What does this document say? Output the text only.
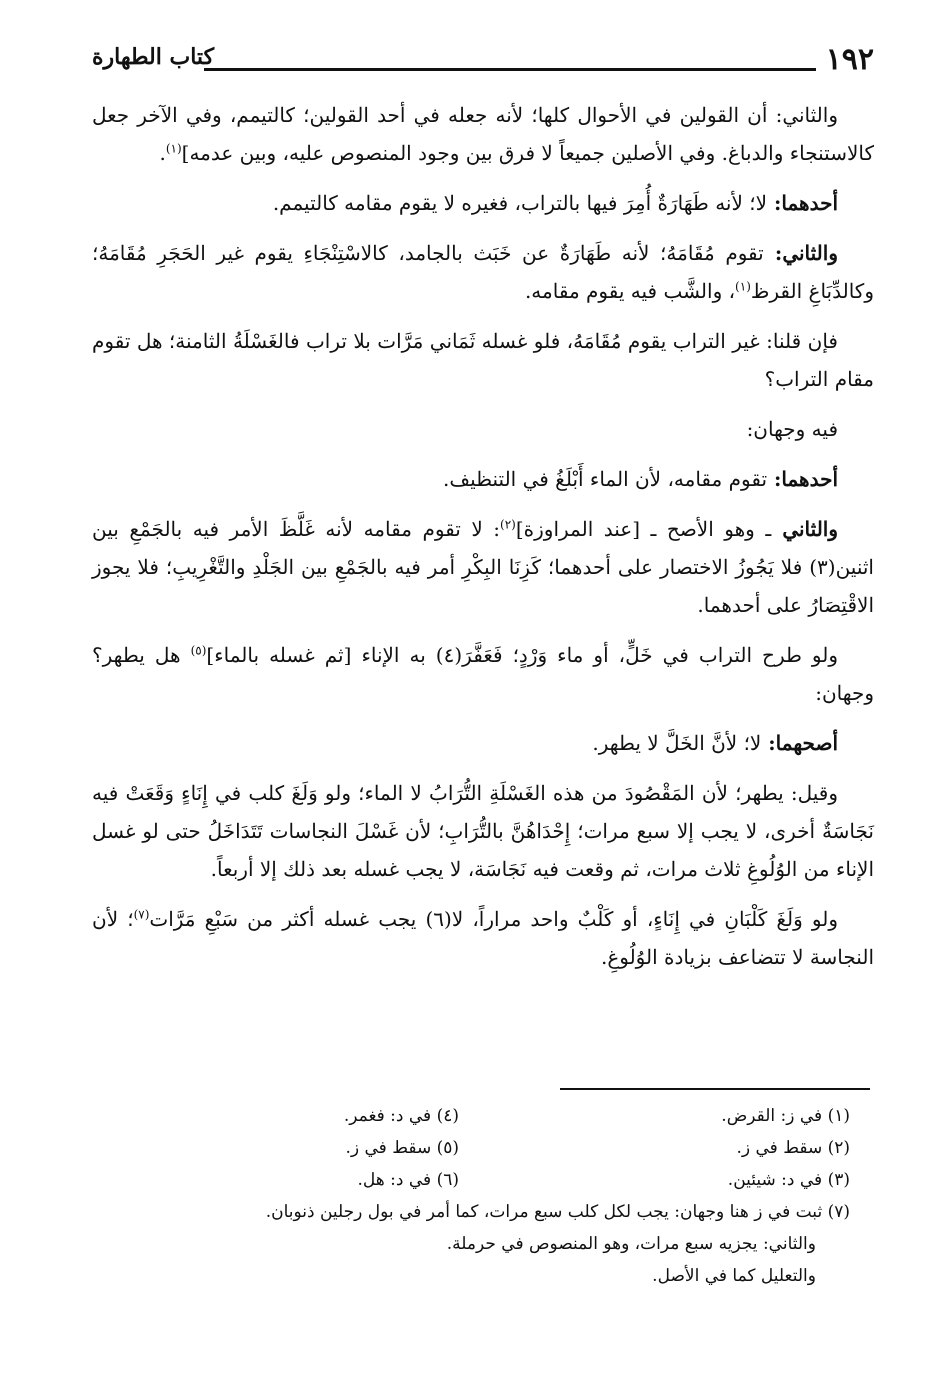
١٩٢
كتاب الطهارة

والثاني: أن القولين في الأحوال كلها؛ لأنه جعله في أحد القولين؛ كالتيمم، وفي الآخر جعل كالاستنجاء والدباغ. وفي الأصلين جميعاً لا فرق بين وجود المنصوص عليه، وبين عدمه]$^{(١)}$.

أحدهما: لا؛ لأنه طَهَارَةٌ أُمِرَ فيها بالتراب، فغيره لا يقوم مقامه كالتيمم.

والثاني: تقوم مُقَامَهُ؛ لأنه طَهَارَةٌ عن خَبَث بالجامد، كالاسْتِنْجَاءِ يقوم غير الحَجَرِ مُقَامَهُ؛ وكالدِّبَاغِ القرظ$^{(١)}$، والشَّب فيه يقوم مقامه.

فإن قلنا: غير التراب يقوم مُقَامَهُ، فلو غسله ثَمَاني مَرَّات بلا تراب فالغَسْلَةُ الثامنة؛ هل تقوم مقام التراب؟

فيه وجهان:

أحدهما: تقوم مقامه، لأن الماء أَبْلَغُ في التنظيف.

والثاني ـ وهو الأصح ـ [عند المراوزة]$^{(٢)}$: لا تقوم مقامه لأنه غَلَّظَ الأمر فيه بالجَمْعِ بين اثنين(٣) فلا يَجُوزُ الاختصار على أحدهما؛ كَزِنَا البِكْرِ أمر فيه بالجَمْعِ بين الجَلْدِ والتَّغْرِيبِ؛ فلا يجوز الاقْتِصَارُ على أحدهما.

ولو طرح التراب في خَلٍّ، أو ماء وَرْدٍ؛ فَعَفَّرَ(٤) به الإناء [ثم غسله بالماء]$^{(٥)}$ هل يطهر؟ وجهان:

أصحهما: لا؛ لأنَّ الخَلَّ لا يطهر.

وقيل: يطهر؛ لأن المَقْصُودَ من هذه الغَسْلَةِ التُّرَابُ لا الماء؛ ولو وَلَغَ كلب في إِنَاءٍ وَقَعَتْ فيه نَجَاسَةٌ أخرى، لا يجب إلا سبع مرات؛ إِحْدَاهُنَّ بالتُّرَابِ؛ لأن غَسْلَ النجاسات تَتَدَاخَلُ حتى لو غسل الإناء من الوُلُوغِ ثلاث مرات، ثم وقعت فيه نَجَاسَة، لا يجب غسله بعد ذلك إلا أربعاً.

ولو وَلَغَ كَلْبَانِ في إِنَاءٍ، أو كَلْبٌ واحد مراراً، لا(٦) يجب غسله أكثر من سَبْعِ مَرَّات$^{(٧)}$؛ لأن النجاسة لا تتضاعف بزيادة الوُلُوغِ.

(١) في ز: القرض.
(٢) سقط في ز.
(٣) في د: شيئين.
(٤) في د: فغمر.
(٥) سقط في ز.
(٦) في د: هل.
(٧) ثبت في ز هنا وجهان: يجب لكل كلب سبع مرات، كما أمر في بول رجلين ذنوبان.
والثاني: يجزيه سبع مرات، وهو المنصوص في حرملة.
والتعليل كما في الأصل.
